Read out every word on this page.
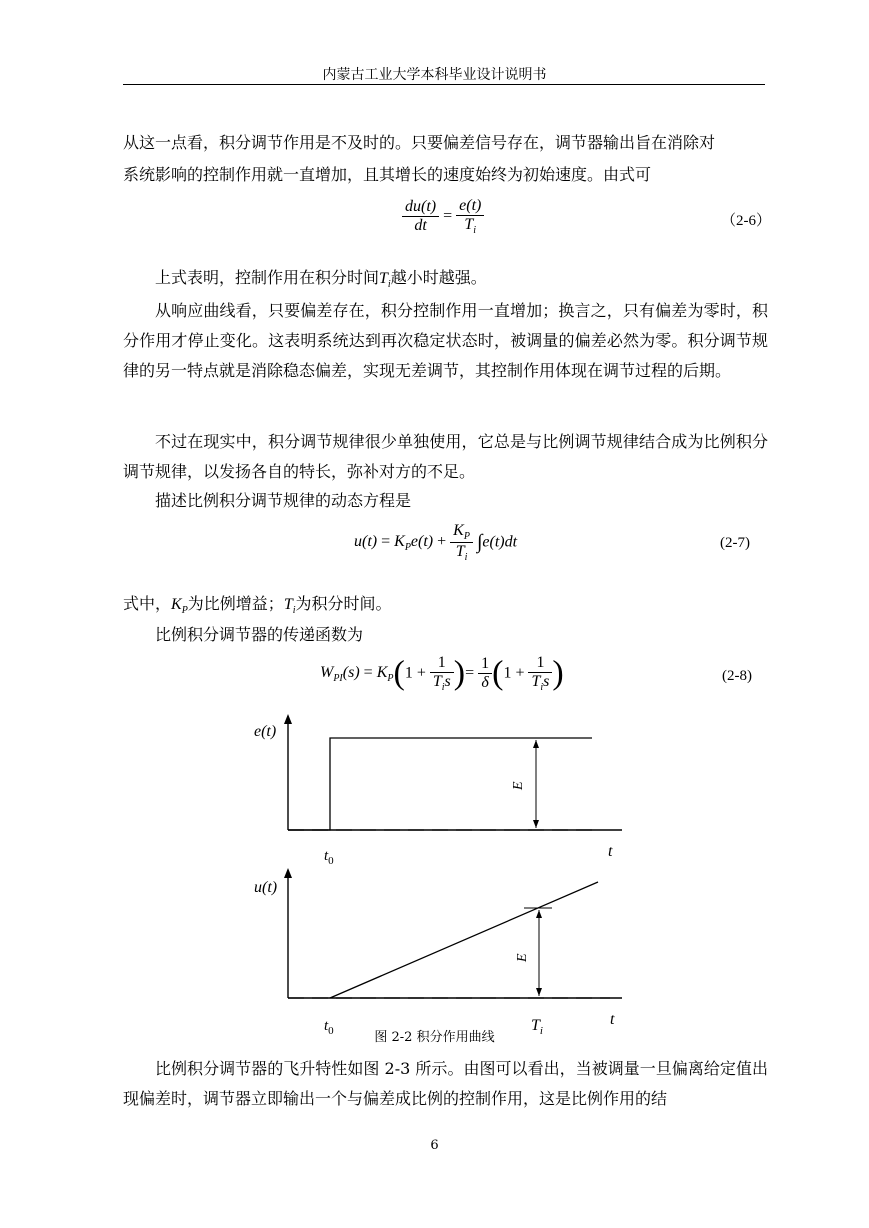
内蒙古工业大学本科毕业设计说明书
从这一点看，积分调节作用是不及时的。只要偏差信号存在，调节器输出旨在消除对
系统影响的控制作用就一直增加，且其增长的速度始终为初始速度。由式可
$\frac{du(t)}{dt} = \frac{e(t)}{T_i}$	（2-6）
上式表明，控制作用在积分时间$T_i$越小时越强。
从响应曲线看，只要偏差存在，积分控制作用一直增加；换言之，只有偏差为零时，积分作用才停止变化。这表明系统达到再次稳定状态时，被调量的偏差必然为零。积分调节规律的另一特点就是消除稳态偏差，实现无差调节，其控制作用体现在调节过程的后期。
不过在现实中，积分调节规律很少单独使用，它总是与比例调节规律结合成为比例积分调节规律，以发扬各自的特长，弥补对方的不足。
描述比例积分调节规律的动态方程是
$u(t) = K_Pe(t) + \frac{K_P}{T_i} \int e(t)dt$	(2-7)
式中，$K_P$为比例增益；$T_i$为积分时间。
比例积分调节器的传递函数为
$W_{PI}(s) = K_P(1 + \frac{1}{T_is}$ )= $\frac{1}{\delta} (1 + \frac{1}{T_is}$ )	(2-8)
e(t)
E
$t_0$
t
u(t)
E
$t_0$	$T_i$
t
图 2-2 积分作用曲线
比例积分调节器的飞升特性如图 2-3 所示。由图可以看出，当被调量一旦偏离给定值出现偏差时，调节器立即输出一个与偏差成比例的控制作用，这是比例作用的结
6
